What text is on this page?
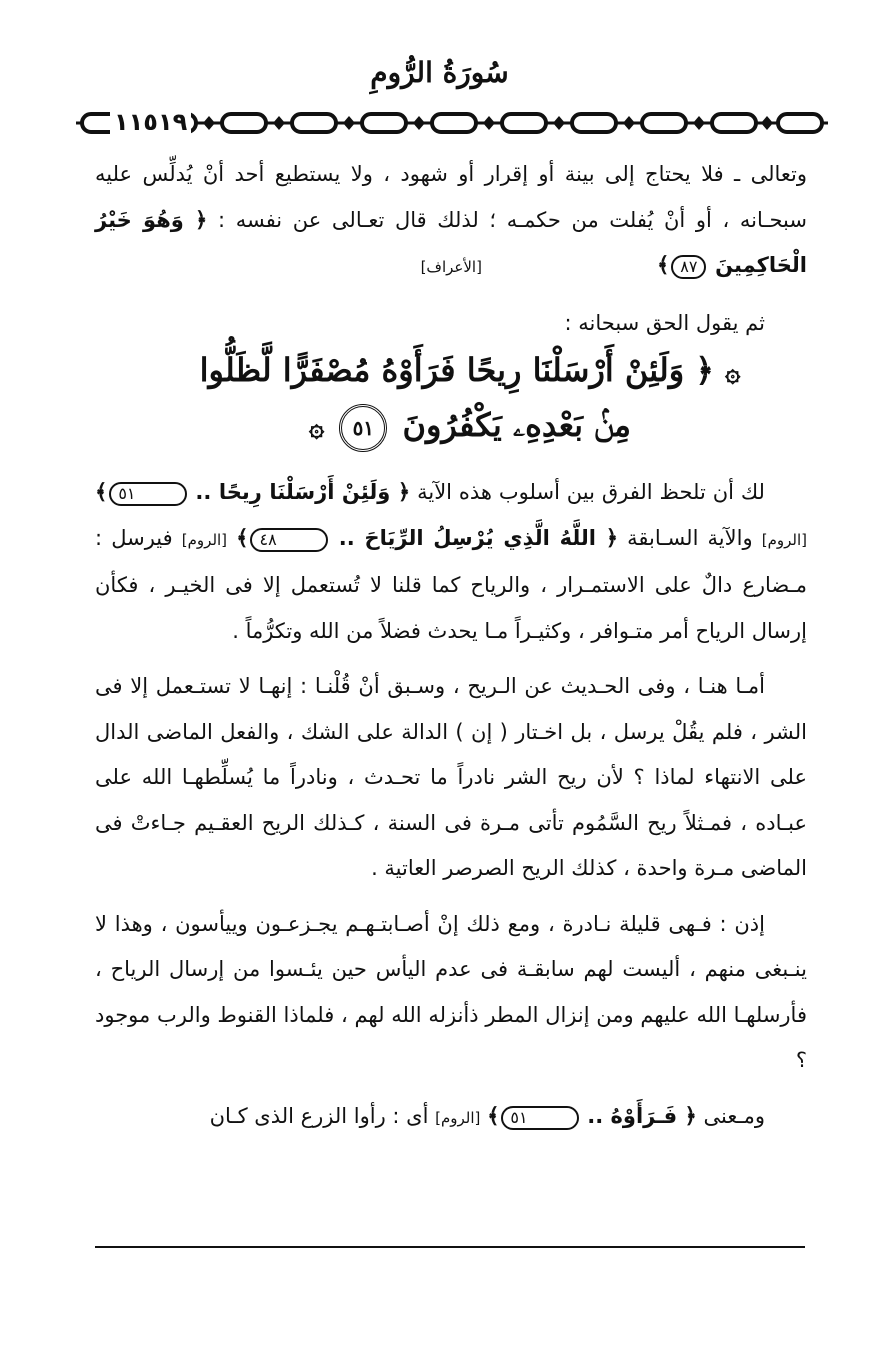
سُورَةُ الرُّومِ
١١٥١٩

وتعالى ـ فلا يحتاج إلى بينة أو إقرار أو شهود ، ولا يستطيع أحد أنْ يُدلِّس عليه سبحـانه ، أو أنْ يُفلت من حكمـه ؛ لذلك قال تعـالى عن نفسه : ﴿ وَهُوَ خَيْرُ الْحَاكِمِينَ ٨٧﴾[الأعراف]

ثم يقول الحق سبحانه :

لك أن تلحظ الفرق بين أسلوب هذه الآية ﴿ وَلَئِنْ أَرْسَلْنَا رِيحًا .. ٥١﴾ [الروم] والآية السـابقة ﴿ اللَّهُ الَّذِي يُرْسِلُ الرِّيَاحَ .. ٤٨﴾ [الروم] فيرسل : مـضارع دالٌ على الاستمـرار ، والرياح كما قلنا لا تُستعمل إلا فى الخيـر ، فكأن إرسال الرياح أمر متـوافر ، وكثيـراً مـا يحدث فضلاً من الله وتكرُّماً .

أمـا هنـا ، وفى الحـديث عن الـريح ، وسـبق أنْ قُلْنـا : إنهـا لا تستـعمل إلا فى الشر ، فلم يقُلْ يرسل ، بل اخـتار ( إن ) الدالة على الشك ، والفعل الماضى الدال على الانتهاء لماذا ؟ لأن ريح الشر نادراً ما تحـدث ، ونادراً ما يُسلِّطهـا الله على عبـاده ، فمـثلاً ريح السَّمُوم تأتى مـرة فى السنة ، كـذلك الريح العقـيم جـاءتْ فى الماضى مـرة واحدة ، كذلك الريح الصرصر العاتية .

إذن : فـهى قليلة نـادرة ، ومع ذلك إنْ أصـابتـهـم يجـزعـون وييأسون ، وهذا لا ينـبغى منهم ، أليست لهم سابقـة فى عدم اليأس حين يئـسوا من إرسال الرياح ، فأرسلهـا الله عليهم ومن إنزال المطر ذأنزله الله لهم ، فلماذا القنوط والرب موجود ؟

ومـعنى ﴿ فَـرَأَوْهُ .. ٥١﴾ [الروم] أى : رأوا الزرع الذى كـان

۞ ﴿ وَلَئِنْ أَرْسَلْنَا رِيحًا فَرَأَوْهُ مُصْفَرًّا لَّظَلُّوا
مِنۢ بَعْدِهِۦ يَكْفُرُونَ ٥١ ۞
